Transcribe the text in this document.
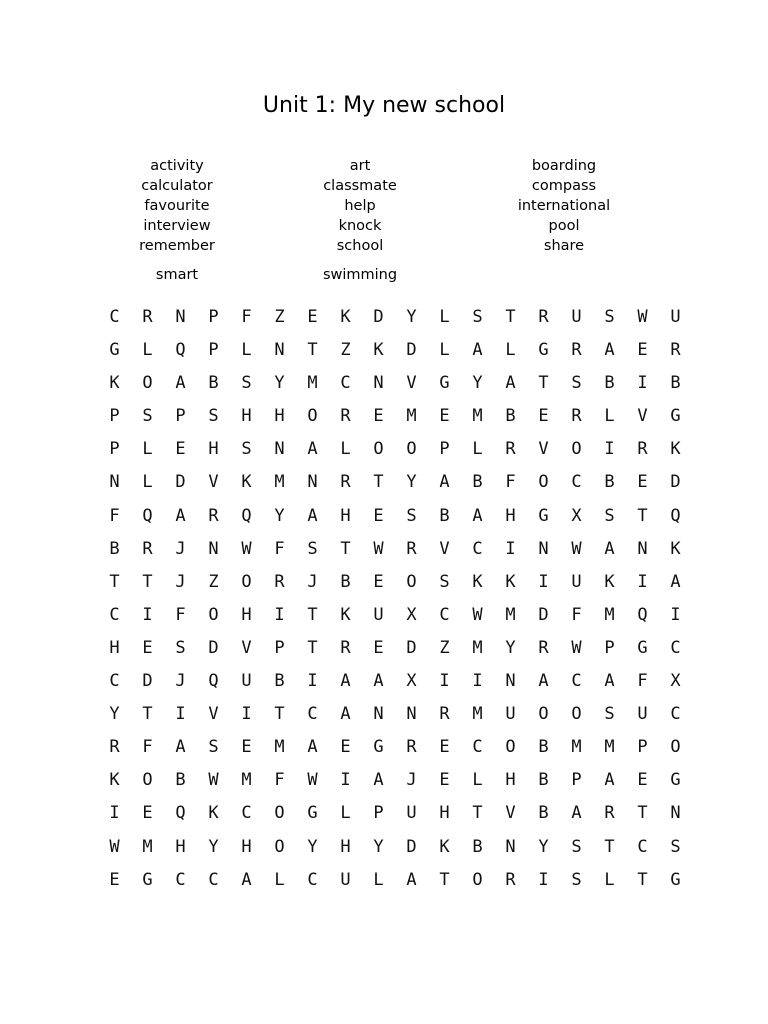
Unit 1: My new school
activity
calculator
favourite
interview
remember
smart
art
classmate
help
knock
school
swimming
boarding
compass
international
pool
share
C	R	N	P	F	Z	E	K	D	Y	L	S	T	R	U	S	W	U
G	L	Q	P	L	N	T	Z	K	D	L	A	L	G	R	A	E	R
K	O	A	B	S	Y	M	C	N	V	G	Y	A	T	S	B	I	B
P	S	P	S	H	H	O	R	E	M	E	M	B	E	R	L	V	G
P	L	E	H	S	N	A	L	O	O	P	L	R	V	O	I	R	K
N	L	D	V	K	M	N	R	T	Y	A	B	F	O	C	B	E	D
F	Q	A	R	Q	Y	A	H	E	S	B	A	H	G	X	S	T	Q
B	R	J	N	W	F	S	T	W	R	V	C	I	N	W	A	N	K
T	T	J	Z	O	R	J	B	E	O	S	K	K	I	U	K	I	A
C	I	F	O	H	I	T	K	U	X	C	W	M	D	F	M	Q	I
H	E	S	D	V	P	T	R	E	D	Z	M	Y	R	W	P	G	C
C	D	J	Q	U	B	I	A	A	X	I	I	N	A	C	A	F	X
Y	T	I	V	I	T	C	A	N	N	R	M	U	O	O	S	U	C
R	F	A	S	E	M	A	E	G	R	E	C	O	B	M	M	P	O
K	O	B	W	M	F	W	I	A	J	E	L	H	B	P	A	E	G
I	E	Q	K	C	O	G	L	P	U	H	T	V	B	A	R	T	N
W	M	H	Y	H	O	Y	H	Y	D	K	B	N	Y	S	T	C	S
E	G	C	C	A	L	C	U	L	A	T	O	R	I	S	L	T	G
